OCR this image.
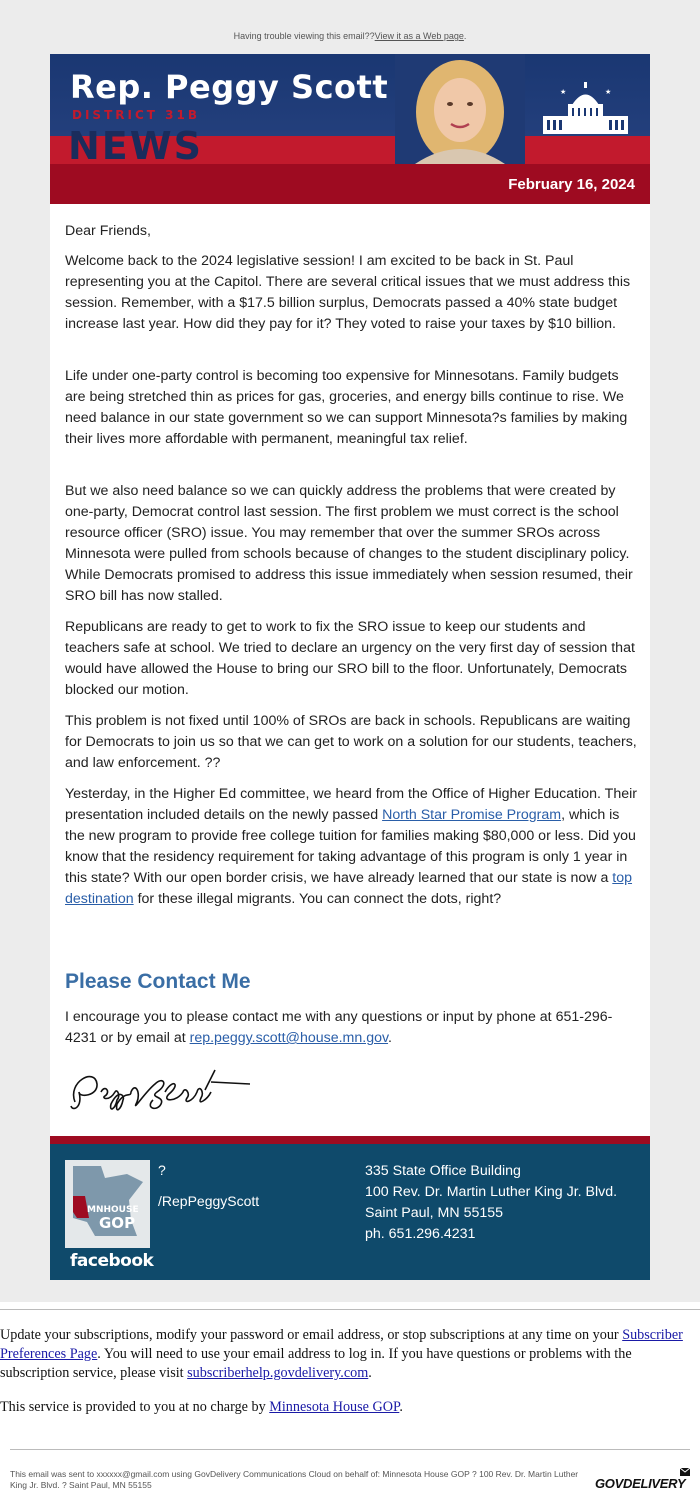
Having trouble viewing this email??View it as a Web page.
Rep. Peggy Scott
DISTRICT 31B
NEWS
★	★
February 16, 2024

Dear Friends,

Welcome back to the 2024 legislative session! I am excited to be back in St. Paul representing you at the Capitol. There are several critical issues that we must address this session. Remember, with a $17.5 billion surplus, Democrats passed a 40% state budget increase last year. How did they pay for it? They voted to raise your taxes by $10 billion.

Life under one-party control is becoming too expensive for Minnesotans. Family budgets are being stretched thin as prices for gas, groceries, and energy bills continue to rise. We need balance in our state government so we can support Minnesota?s families by making their lives more affordable with permanent, meaningful tax relief.

But we also need balance so we can quickly address the problems that were created by one-party, Democrat control last session. The first problem we must correct is the school resource officer (SRO) issue. You may remember that over the summer SROs across Minnesota were pulled from schools because of changes to the student disciplinary policy. While Democrats promised to address this issue immediately when session resumed, their SRO bill has now stalled.

Republicans are ready to get to work to fix the SRO issue to keep our students and teachers safe at school. We tried to declare an urgency on the very first day of session that would have allowed the House to bring our SRO bill to the floor. Unfortunately, Democrats blocked our motion.

This problem is not fixed until 100% of SROs are back in schools. Republicans are waiting for Democrats to join us so that we can get to work on a solution for our students, teachers, and law enforcement. ??

Yesterday, in the Higher Ed committee, we heard from the Office of Higher Education. Their presentation included details on the newly passed North Star Promise Program, which is the new program to provide free college tuition for families making $80,000 or less. Did you know that the residency requirement for taking advantage of this program is only 1 year in this state? With our open border crisis, we have already learned that our state is now a top destination for these illegal migrants. You can connect the dots, right?

Please Contact Me

I encourage you to please contact me with any questions or input by phone at 651-296-4231 or by email at rep.peggy.scott@house.mn.gov.

MNHOUSE
GOP
facebook
?
/RepPeggyScott
335 State Office Building
100 Rev. Dr. Martin Luther King Jr. Blvd.
Saint Paul, MN 55155
ph. 651.296.4231

Update your subscriptions, modify your password or email address, or stop subscriptions at any time on your Subscriber Preferences Page. You will need to use your email address to log in. If you have questions or problems with the subscription service, please visit subscriberhelp.govdelivery.com.

This service is provided to you at no charge by Minnesota House GOP.

This email was sent to xxxxxx@gmail.com using GovDelivery Communications Cloud on behalf of: Minnesota House GOP ? 100 Rev. Dr. Martin Luther King Jr. Blvd. ? Saint Paul, MN 55155	GOVDELIVERY
